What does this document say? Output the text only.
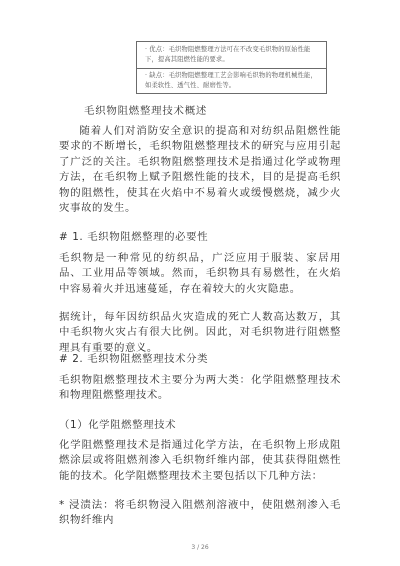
· 优点：毛织物阻燃整理方法可在不改变毛织物的原始性能下，提高其阻燃性能的要求。
· 缺点：毛织物阻燃整理工艺会影响毛织物的物理机械性能，如柔软性、透气性、耐磨性等。
毛织物阻燃整理技术概述
随着人们对消防安全意识的提高和对纺织品阻燃性能要求的不断增长，毛织物阻燃整理技术的研究与应用引起了广泛的关注。毛织物阻燃整理技术是指通过化学或物理方法，在毛织物上赋予阻燃性能的技术，目的是提高毛织物的阻燃性，使其在火焰中不易着火或缓慢燃烧，减少火灾事故的发生。
# 1. 毛织物阻燃整理的必要性
毛织物是一种常见的纺织品，广泛应用于服装、家居用品、工业用品等领域。然而，毛织物具有易燃性，在火焰中容易着火并迅速蔓延，存在着较大的火灾隐患。
据统计，每年因纺织品火灾造成的死亡人数高达数万，其中毛织物火灾占有很大比例。因此，对毛织物进行阻燃整理具有重要的意义。
# 2. 毛织物阻燃整理技术分类
毛织物阻燃整理技术主要分为两大类：化学阻燃整理技术和物理阻燃整理技术。
（1）化学阻燃整理技术
化学阻燃整理技术是指通过化学方法，在毛织物上形成阻燃涂层或将阻燃剂渗入毛织物纤维内部，使其获得阻燃性能的技术。化学阻燃整理技术主要包括以下几种方法：
* 浸渍法：将毛织物浸入阻燃剂溶液中，使阻燃剂渗入毛织物纤维内
3 / 26
